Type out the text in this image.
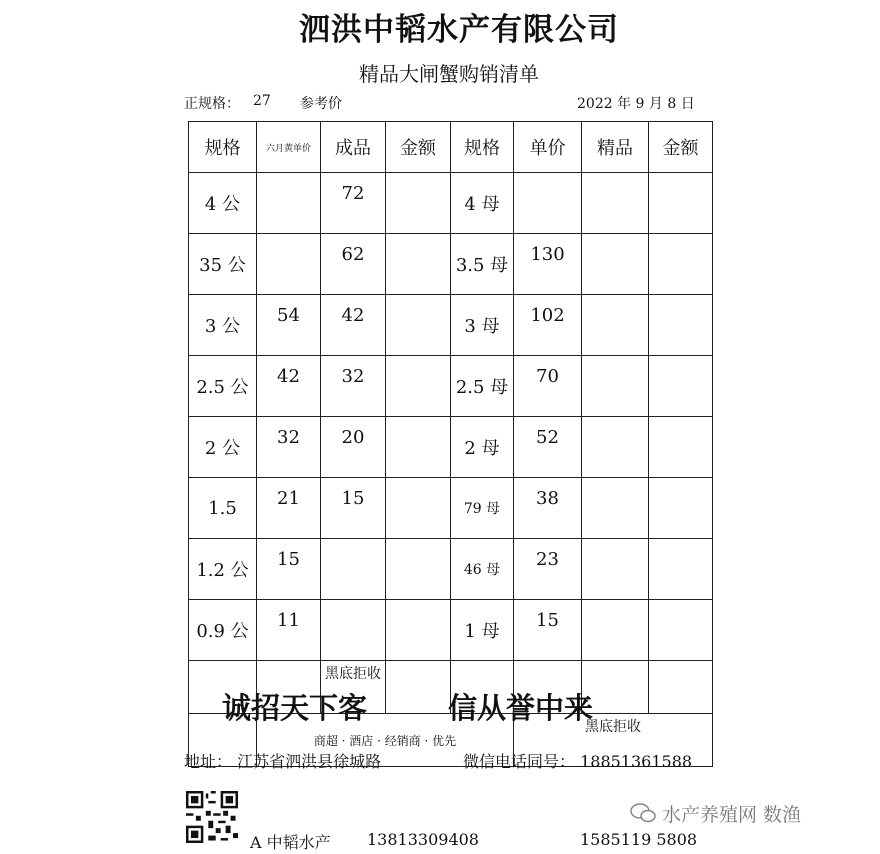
泗洪中韬水产有限公司
精品大闸蟹购销清单
正规格： 27 参考价	2022 年 9 月 8 日
规格	六月黄单价	成品	金额	规格	单价	精品	金额
4 公		72		4 母			
35 公		62		3.5 母	130		
3 公	54	42		3 母	102		
2.5 公	42	32		2.5 母	70		
2 公	32	20		2 母	52		
1.5	21	15		79 母	38		
1.2 公	15			46 母	23		
0.9 公	11			1 母	15		
		黑底拒收					
	商超 · 酒店 · 经销商 · 优先				黑底拒收		
诚招天下客	信从誉中来
地址： 江苏省泗洪县徐城路	微信电话同号： 18851361588
A 中韬水产 13813309408	1585119 5808
水产养殖网 数渔
